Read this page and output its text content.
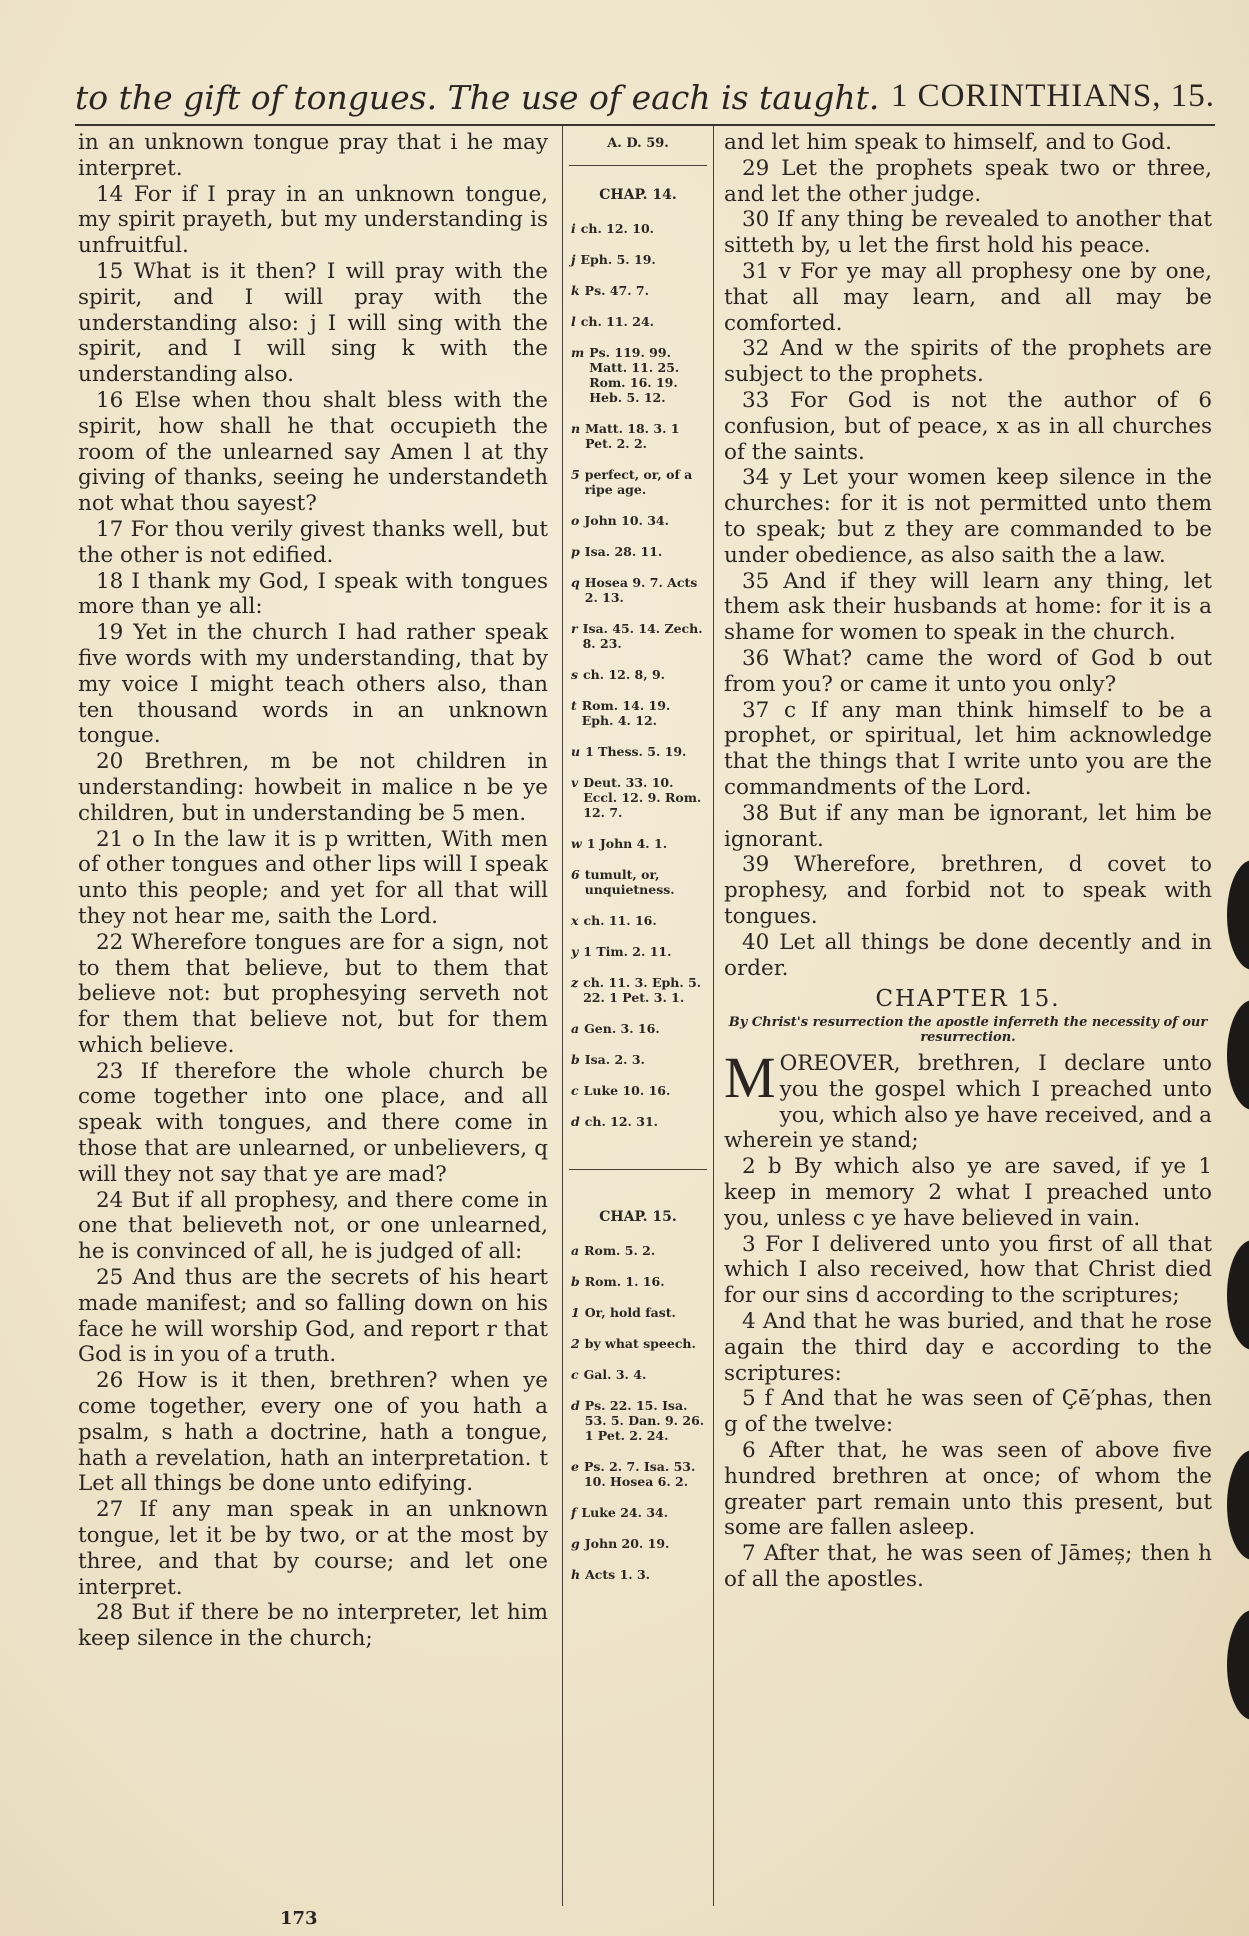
to the gift of tongues. The use of each is taught. 1 CORINTHIANS, 15.

in an unknown tongue pray that i he may interpret.

14 For if I pray in an unknown tongue, my spirit prayeth, but my understanding is unfruitful.

15 What is it then? I will pray with the spirit, and I will pray with the understanding also: j I will sing with the spirit, and I will sing k with the understanding also.

16 Else when thou shalt bless with the spirit, how shall he that occupieth the room of the unlearned say Amen l at thy giving of thanks, seeing he understandeth not what thou sayest?

17 For thou verily givest thanks well, but the other is not edified.

18 I thank my God, I speak with tongues more than ye all:

19 Yet in the church I had rather speak five words with my understanding, that by my voice I might teach others also, than ten thousand words in an unknown tongue.

20 Brethren, m be not children in understanding: howbeit in malice n be ye children, but in understanding be 5 men.

21 o In the law it is p written, With men of other tongues and other lips will I speak unto this people; and yet for all that will they not hear me, saith the Lord.

22 Wherefore tongues are for a sign, not to them that believe, but to them that believe not: but prophesying serveth not for them that believe not, but for them which believe.

23 If therefore the whole church be come together into one place, and all speak with tongues, and there come in those that are unlearned, or unbelievers, q will they not say that ye are mad?

24 But if all prophesy, and there come in one that believeth not, or one unlearned, he is convinced of all, he is judged of all:

25 And thus are the secrets of his heart made manifest; and so falling down on his face he will worship God, and report r that God is in you of a truth.

26 How is it then, brethren? when ye come together, every one of you hath a psalm, s hath a doctrine, hath a tongue, hath a revelation, hath an interpretation. t Let all things be done unto edifying.

27 If any man speak in an unknown tongue, let it be by two, or at the most by three, and that by course; and let one interpret.

28 But if there be no interpreter, let him keep silence in the church;

A. D. 59.
CHAP. 14.
i ch. 12. 10.
j Eph. 5. 19.
k Ps. 47. 7.
l ch. 11. 24.
m Ps. 119. 99. Matt. 11. 25. Rom. 16. 19. Heb. 5. 12.
n Matt. 18. 3. 1 Pet. 2. 2.
5 perfect, or, of a ripe age.
o John 10. 34.
p Isa. 28. 11.
q Hosea 9. 7. Acts 2. 13.
r Isa. 45. 14. Zech. 8. 23.
s ch. 12. 8, 9.
t Rom. 14. 19. Eph. 4. 12.
u 1 Thess. 5. 19.
v Deut. 33. 10. Eccl. 12. 9. Rom. 12. 7.
w 1 John 4. 1.
6 tumult, or, unquietness.
x ch. 11. 16.
y 1 Tim. 2. 11.
z ch. 11. 3. Eph. 5. 22. 1 Pet. 3. 1.
a Gen. 3. 16.
b Isa. 2. 3.
c Luke 10. 16.
d ch. 12. 31.
CHAP. 15.
a Rom. 5. 2.
b Rom. 1. 16.
1 Or, hold fast.
2 by what speech.
c Gal. 3. 4.
d Ps. 22. 15. Isa. 53. 5. Dan. 9. 26. 1 Pet. 2. 24.
e Ps. 2. 7. Isa. 53. 10. Hosea 6. 2.
f Luke 24. 34.
g John 20. 19.
h Acts 1. 3.

and let him speak to himself, and to God.

29 Let the prophets speak two or three, and let the other judge.

30 If any thing be revealed to another that sitteth by, u let the first hold his peace.

31 v For ye may all prophesy one by one, that all may learn, and all may be comforted.

32 And w the spirits of the prophets are subject to the prophets.

33 For God is not the author of 6 confusion, but of peace, x as in all churches of the saints.

34 y Let your women keep silence in the churches: for it is not permitted unto them to speak; but z they are commanded to be under obedience, as also saith the a law.

35 And if they will learn any thing, let them ask their husbands at home: for it is a shame for women to speak in the church.

36 What? came the word of God b out from you? or came it unto you only?

37 c If any man think himself to be a prophet, or spiritual, let him acknowledge that the things that I write unto you are the commandments of the Lord.

38 But if any man be ignorant, let him be ignorant.

39 Wherefore, brethren, d covet to prophesy, and forbid not to speak with tongues.

40 Let all things be done decently and in order.

CHAPTER 15.
By Christ's resurrection the apostle inferreth the necessity of our resurrection.

MOREOVER, brethren, I declare unto you the gospel which I preached unto you, which also ye have received, and a wherein ye stand;

2 b By which also ye are saved, if ye 1 keep in memory 2 what I preached unto you, unless c ye have believed in vain.

3 For I delivered unto you first of all that which I also received, how that Christ died for our sins d according to the scriptures;

4 And that he was buried, and that he rose again the third day e according to the scriptures:

5 f And that he was seen of Çē′phas, then g of the twelve:

6 After that, he was seen of above five hundred brethren at once; of whom the greater part remain unto this present, but some are fallen asleep.

7 After that, he was seen of Jāmeș; then h of all the apostles.

173
